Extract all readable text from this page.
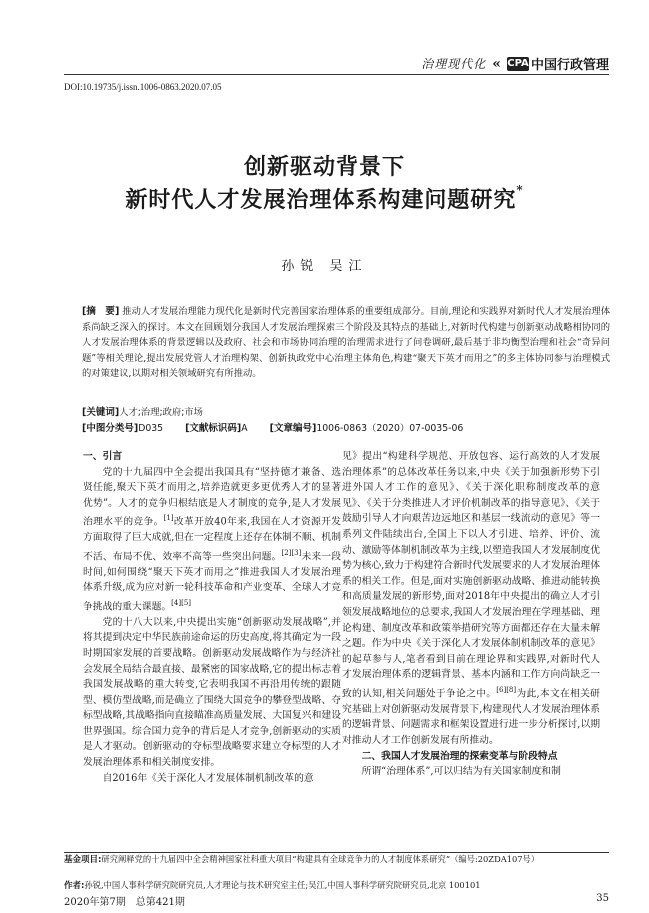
治理现代化 « CPA 中国行政管理
DOI:10.19735/j.issn.1006-0863.2020.07.05
创新驱动背景下
新时代人才发展治理体系构建问题研究*
孙锐 吴江
[摘　要] 推动人才发展治理能力现代化是新时代完善国家治理体系的重要组成部分。目前,理论和实践界对新时代人才发展治理体系尚缺乏深入的探讨。本文在回顾划分我国人才发展治理探索三个阶段及其特点的基础上,对新时代构建与创新驱动战略相协同的人才发展治理体系的背景逻辑以及政府、社会和市场协同治理的治理需求进行了问卷调研,最后基于非均衡型治理和社会“奇异问题”等相关理论,提出发展党管人才治理构架、创新执政党中心治理主体角色,构建“聚天下英才而用之”的多主体协同参与治理模式的对策建议,以期对相关领域研究有所推动。
[关键词]人才;治理;政府;市场
[中图分类号]D035 [文献标识码]A [文章编号]1006-0863（2020）07-0035-06

一、引言

党的十九届四中全会提出我国具有“坚持德才兼备、选贤任能,聚天下英才而用之,培养造就更多更优秀人才的显著优势”。人才的竞争归根结底是人才制度的竞争,是人才发展治理水平的竞争。[1]改革开放40年来,我国在人才资源开发方面取得了巨大成就,但在一定程度上还存在体制不顺、机制不活、布局不优、效率不高等一些突出问题。[2][3]未来一段时间,如何围绕“聚天下英才而用之”推进我国人才发展治理体系升级,成为应对新一轮科技革命和产业变革、全球人才竞争挑战的重大课题。[4][5]

党的十八大以来,中央提出实施“创新驱动发展战略”,并将其提到决定中华民族前途命运的历史高度,将其确定为一段时期国家发展的首要战略。创新驱动发展战略作为与经济社会发展全局结合最直接、最紧密的国家战略,它的提出标志着我国发展战略的重大转变,它表明我国不再沿用传统的跟随型、模仿型战略,而是确立了围绕大国竞争的攀登型战略、夺标型战略,其战略指向直接瞄准高质量发展、大国复兴和建设世界强国。综合国力竞争的背后是人才竞争,创新驱动的实质是人才驱动。创新驱动的夺标型战略要求建立夺标型的人才发展治理体系和相关制度安排。

自2016年《关于深化人才发展体制机制改革的意

见》提出“构建科学规范、开放包容、运行高效的人才发展治理体系”的总体改革任务以来,中央《关于加强新形势下引进外国人才工作的意见》、《关于深化职称制度改革的意见》、《关于分类推进人才评价机制改革的指导意见》、《关于鼓励引导人才向艰苦边远地区和基层一线流动的意见》等一系列文件陆续出台,全国上下以人才引进、培养、评价、流动、激励等体制机制改革为主线,以塑造我国人才发展制度优势为核心,致力于构建符合新时代发展要求的人才发展治理体系的相关工作。但是,面对实施创新驱动战略、推进动能转换和高质量发展的新形势,面对2018年中央提出的确立人才引领发展战略地位的总要求,我国人才发展治理在学理基础、理论构建、制度改革和政策举措研究等方面都还存在大量未解之题。作为中央《关于深化人才发展体制机制改革的意见》的起草参与人,笔者看到目前在理论界和实践界,对新时代人才发展治理体系的逻辑背景、基本内涵和工作方向尚缺乏一致的认知,相关问题处于争论之中。[6][8]为此,本文在相关研究基础上对创新驱动发展背景下,构建现代人才发展治理体系的逻辑背景、问题需求和框架设置进行进一步分析探讨,以期对推动人才工作创新发展有所推动。

二、我国人才发展治理的探索变革与阶段特点

所谓“治理体系”,可以归结为有关国家制度和制

基金项目:研究阐释党的十九届四中全会精神国家社科重大项目“构建具有全球竞争力的人才制度体系研究”（编号:20ZDA107号）
作者:孙锐,中国人事科学研究院研究员,人才理论与技术研究室主任;吴江,中国人事科学研究院研究员,北京 100101
2020年第7期　总第421期	35
